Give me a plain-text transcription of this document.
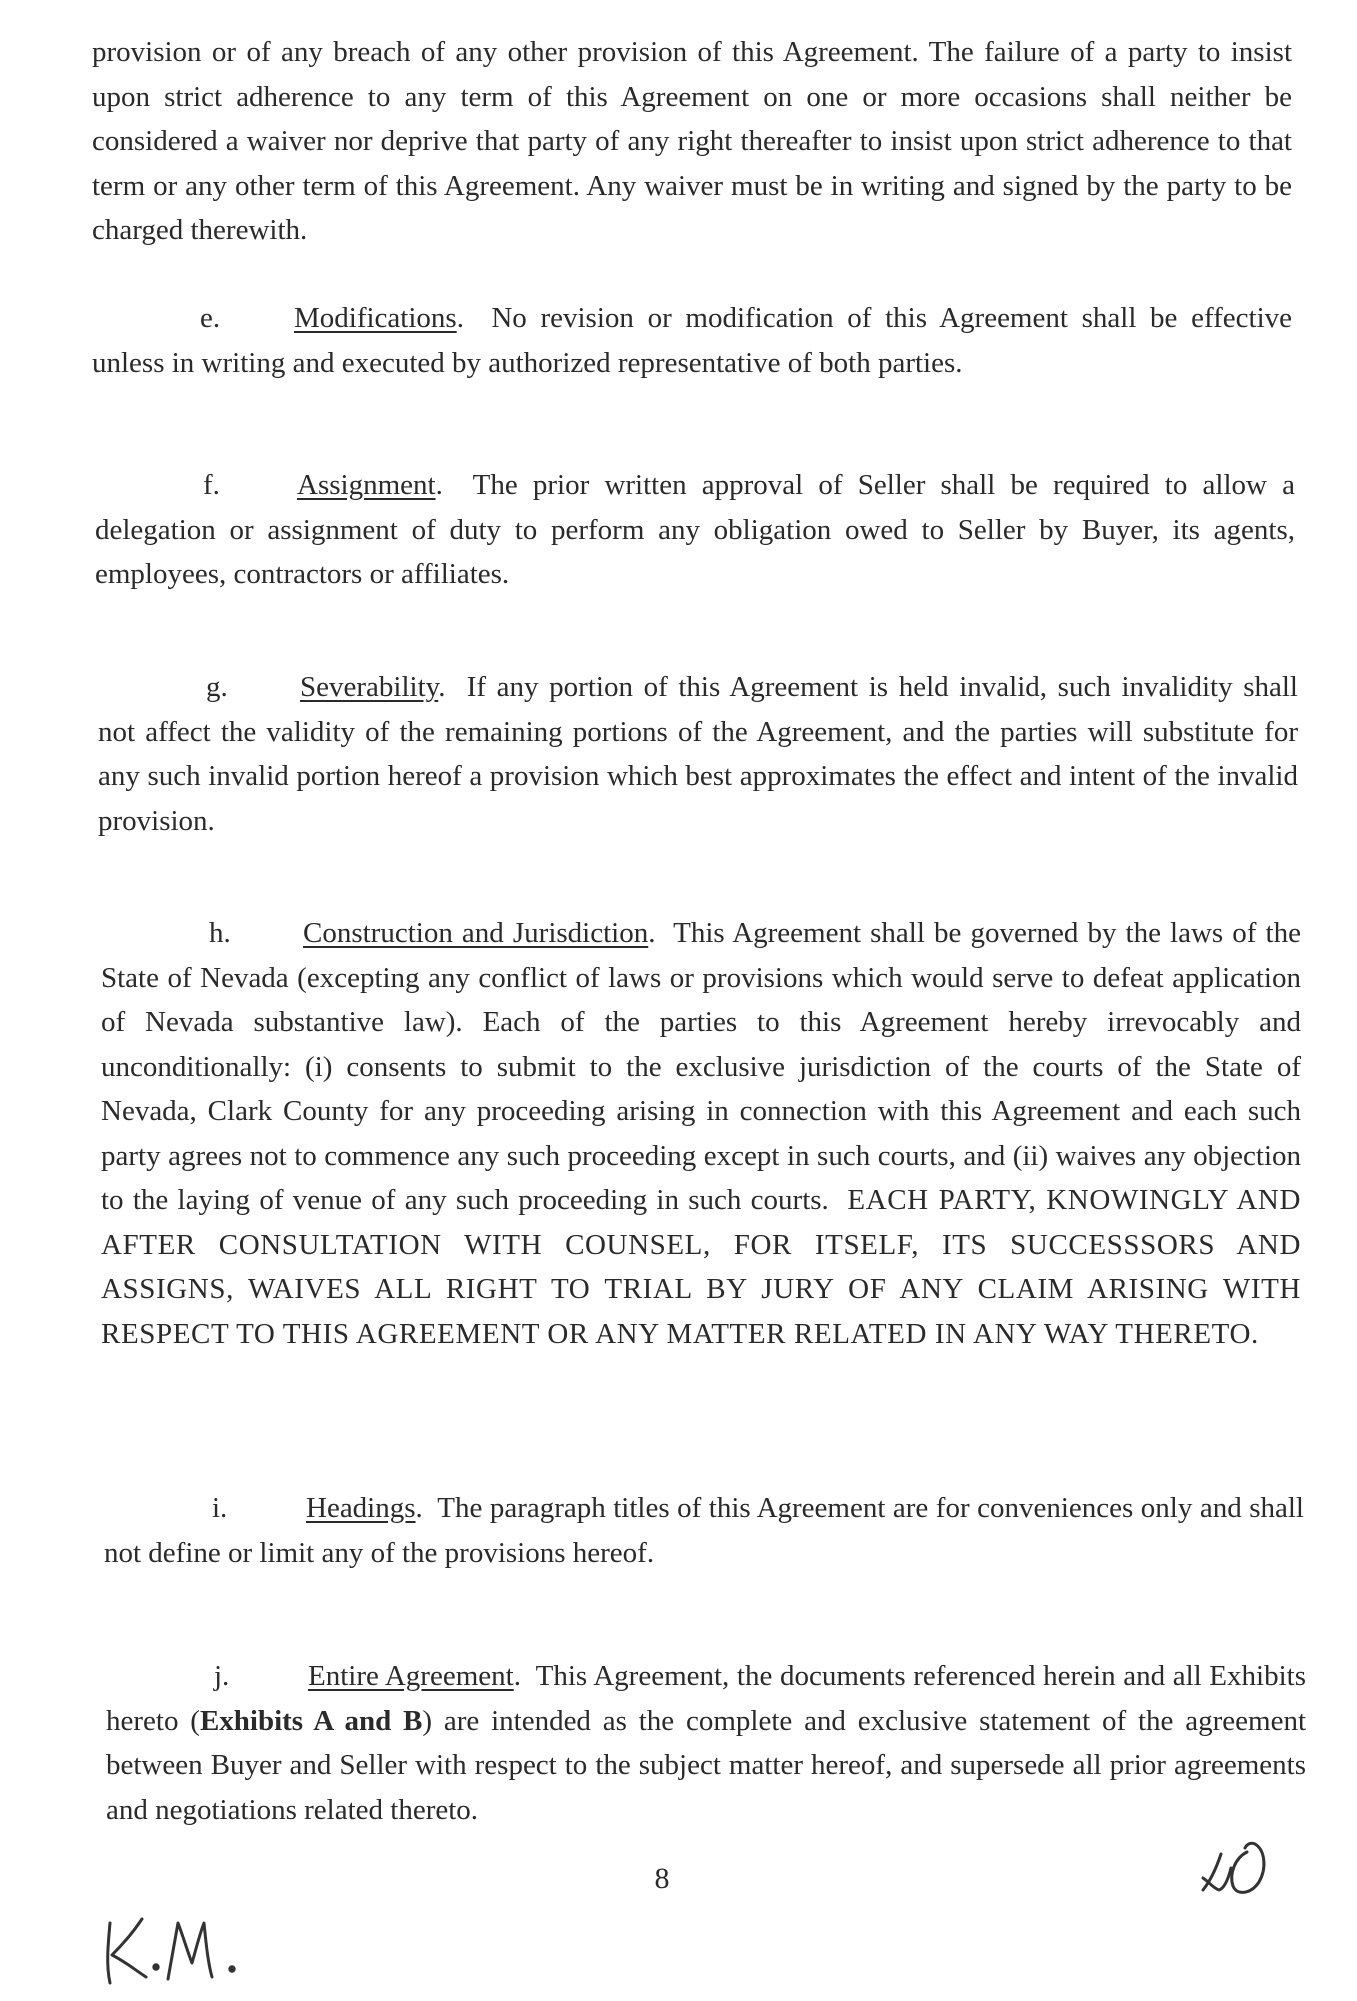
provision or of any breach of any other provision of this Agreement. The failure of a party to insist upon strict adherence to any term of this Agreement on one or more occasions shall neither be considered a waiver nor deprive that party of any right thereafter to insist upon strict adherence to that term or any other term of this Agreement. Any waiver must be in writing and signed by the party to be charged therewith.

e.	Modifications.  No revision or modification of this Agreement shall be effective unless in writing and executed by authorized representative of both parties.

f.	Assignment.  The prior written approval of Seller shall be required to allow a delegation or assignment of duty to perform any obligation owed to Seller by Buyer, its agents, employees, contractors or affiliates.

g. Severability.  If any portion of this Agreement is held invalid, such invalidity shall not affect the validity of the remaining portions of the Agreement, and the parties will substitute for any such invalid portion hereof a provision which best approximates the effect and intent of the invalid provision.

h. Construction and Jurisdiction.  This Agreement shall be governed by the laws of the State of Nevada (excepting any conflict of laws or provisions which would serve to defeat application of Nevada substantive law). Each of the parties to this Agreement hereby irrevocably and unconditionally: (i) consents to submit to the exclusive jurisdiction of the courts of the State of Nevada, Clark County for any proceeding arising in connection with this Agreement and each such party agrees not to commence any such proceeding except in such courts, and (ii) waives any objection to the laying of venue of any such proceeding in such courts. EACH PARTY, KNOWINGLY AND AFTER CONSULTATION WITH COUNSEL, FOR ITSELF, ITS SUCCESSSORS AND ASSIGNS, WAIVES ALL RIGHT TO TRIAL BY JURY OF ANY CLAIM ARISING WITH RESPECT TO THIS AGREEMENT OR ANY MATTER RELATED IN ANY WAY THERETO.

i.	Headings.  The paragraph titles of this Agreement are for conveniences only and shall not define or limit any of the provisions hereof.

j.	Entire Agreement.  This Agreement, the documents referenced herein and all Exhibits hereto (Exhibits A and B) are intended as the complete and exclusive statement of the agreement between Buyer and Seller with respect to the subject matter hereof, and supersede all prior agreements and negotiations related thereto.

8
